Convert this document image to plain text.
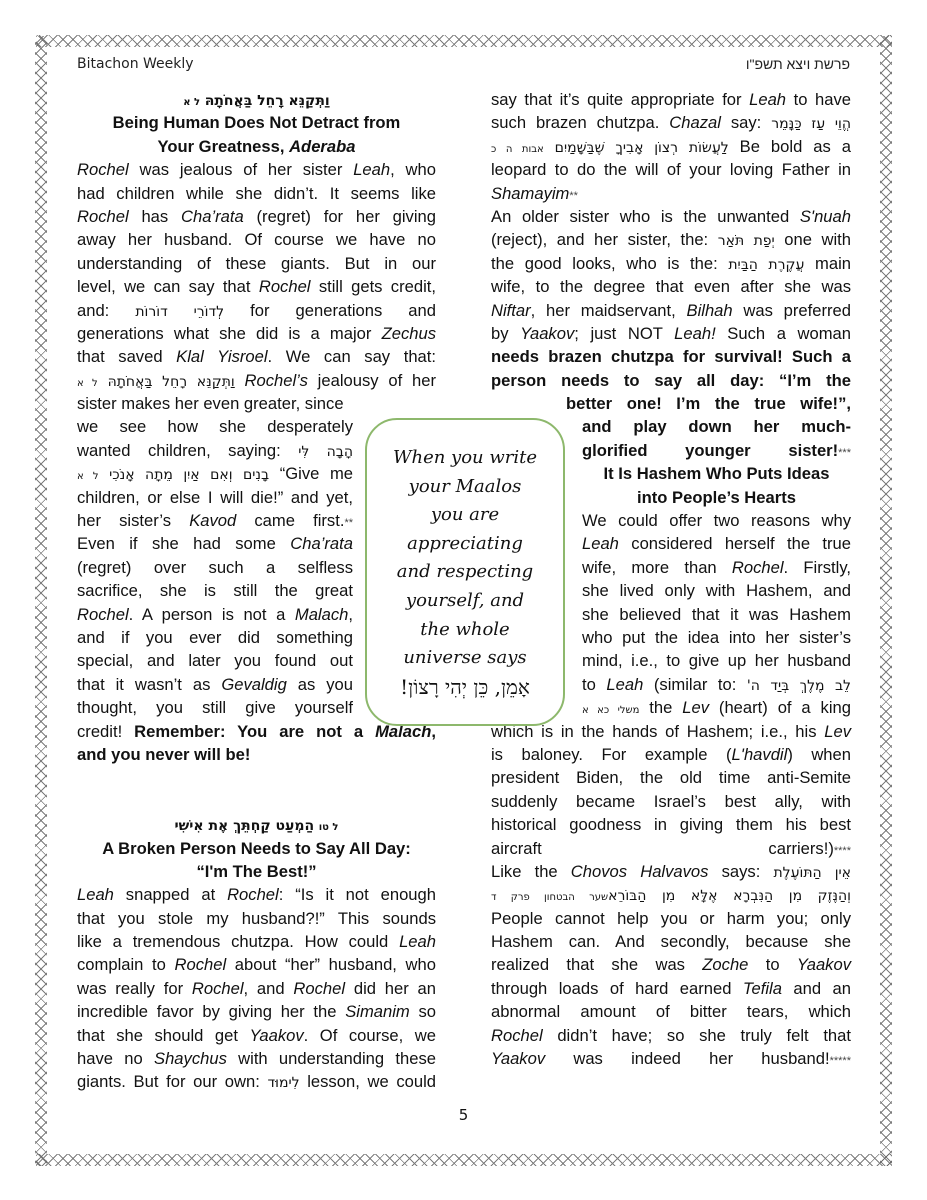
Bitachon Weekly	פרשת ויצא תשפ"ו
וַתְּקַנֵּא רָחֵל בַּאֲחֹתָהּ ל א
Being Human Does Not Detract from
Your Greatness, Aderaba
Rochel was jealous of her sister Leah, who
had children while she didn’t. It seems like
Rochel has Cha’rata (regret) for her giving
away her husband. Of course we have no
understanding of these giants. But in our
level, we can say that Rochel still gets credit,
and: לְדוֹרֵי דוֹרוֹת for generations and
generations what she did is a major Zechus
that saved Klal Yisroel. We can say that:
ל א וַתְּקַנֵּא רָחֵל בַּאֲחֹתָהּ Rochel’s jealousy of her
sister makes her even greater, since
we see how she desperately
wanted children, saying: הָבָה לִּי
ל א בָנִים וְאִם אַיִן מֵתָה אָנֹכִי “Give me
children, or else I will die!” and yet,
her sister’s Kavod came first.**
Even if she had some Cha’rata
(regret) over such a selfless
sacrifice, she is still the great
Rochel. A person is not a Malach,
and if you ever did something
special, and later you found out
that it wasn’t as Gevaldig as you
thought, you still give yourself
credit! Remember: You are not a Malach,
and you never will be!
הַמְעַט קַחְתֵּךְ אֶת אִישִׁי ל טו
A Broken Person Needs to Say All Day:
“I'm The Best!”
Leah snapped at Rochel: “Is it not enough
that you stole my husband?!” This sounds
like a tremendous chutzpa. How could Leah
complain to Rochel about “her” husband, who
was really for Rochel, and Rochel did her an
incredible favor by giving her the Simanim so
that she should get Yaakov. Of course, we
have no Shaychus with understanding these
giants. But for our own: לִימוּד lesson, we could
say that it’s quite appropriate for Leah to have
such brazen chutzpa. Chazal say: הֱוֵי עַז כַּנָּמֵר
אבות ה כ לַעֲשׂוֹת רְצוֹן אָבִיךָ שֶׁבַּשָּׁמַיִם Be bold as a
leopard to do the will of your loving Father in
Shamayim**
An older sister who is the unwanted S'nuah
(reject), and her sister, the: יְפַת תֹּאַר one with
the good looks, who is the: עֲקֶרֶת הַבַּיִת main
wife, to the degree that even after she was
Niftar, her maidservant, Bilhah was preferred
by Yaakov; just NOT Leah! Such a woman
needs brazen chutzpa for survival! Such a
person needs to say all day: “I’m the
better one! I’m the true wife!”,
and play down her much-
glorified younger sister!***
It Is Hashem Who Puts Ideas
into People’s Hearts
We could offer two reasons why
Leah considered herself the true
wife, more than Rochel. Firstly,
she lived only with Hashem, and
she believed that it was Hashem
who put the idea into her sister’s
mind, i.e., to give up her husband
to Leah (similar to: לֵב מֶלֶךְ בְּיַד ה'
משלי כא א the Lev (heart) of a king
which is in the hands of Hashem; i.e., his Lev
is baloney. For example (L'havdil) when
president Biden, the old time anti-Semite
suddenly became Israel’s best ally, with
historical goodness in giving them his best
aircraft carriers!)****
Like the Chovos Halvavos says: אֵין הַתּוֹעֶלֶת
וְהַנֶּזֶק מִן הַנִּבְרָא אֶלָּא מִן הַבּוֹרֵאשער הבטחון פרק ד
People cannot help you or harm you; only
Hashem can. And secondly, because she
realized that she was Zoche to Yaakov
through loads of hard earned Tefila and an
abnormal amount of bitter tears, which
Rochel didn’t have; so she truly felt that
Yaakov was indeed her husband!*****
When you write
your Maalos
you are
appreciating
and respecting
yourself, and
the whole
universe says
אָמֵן, כֵּן יְהִי רָצוֹן!
5
